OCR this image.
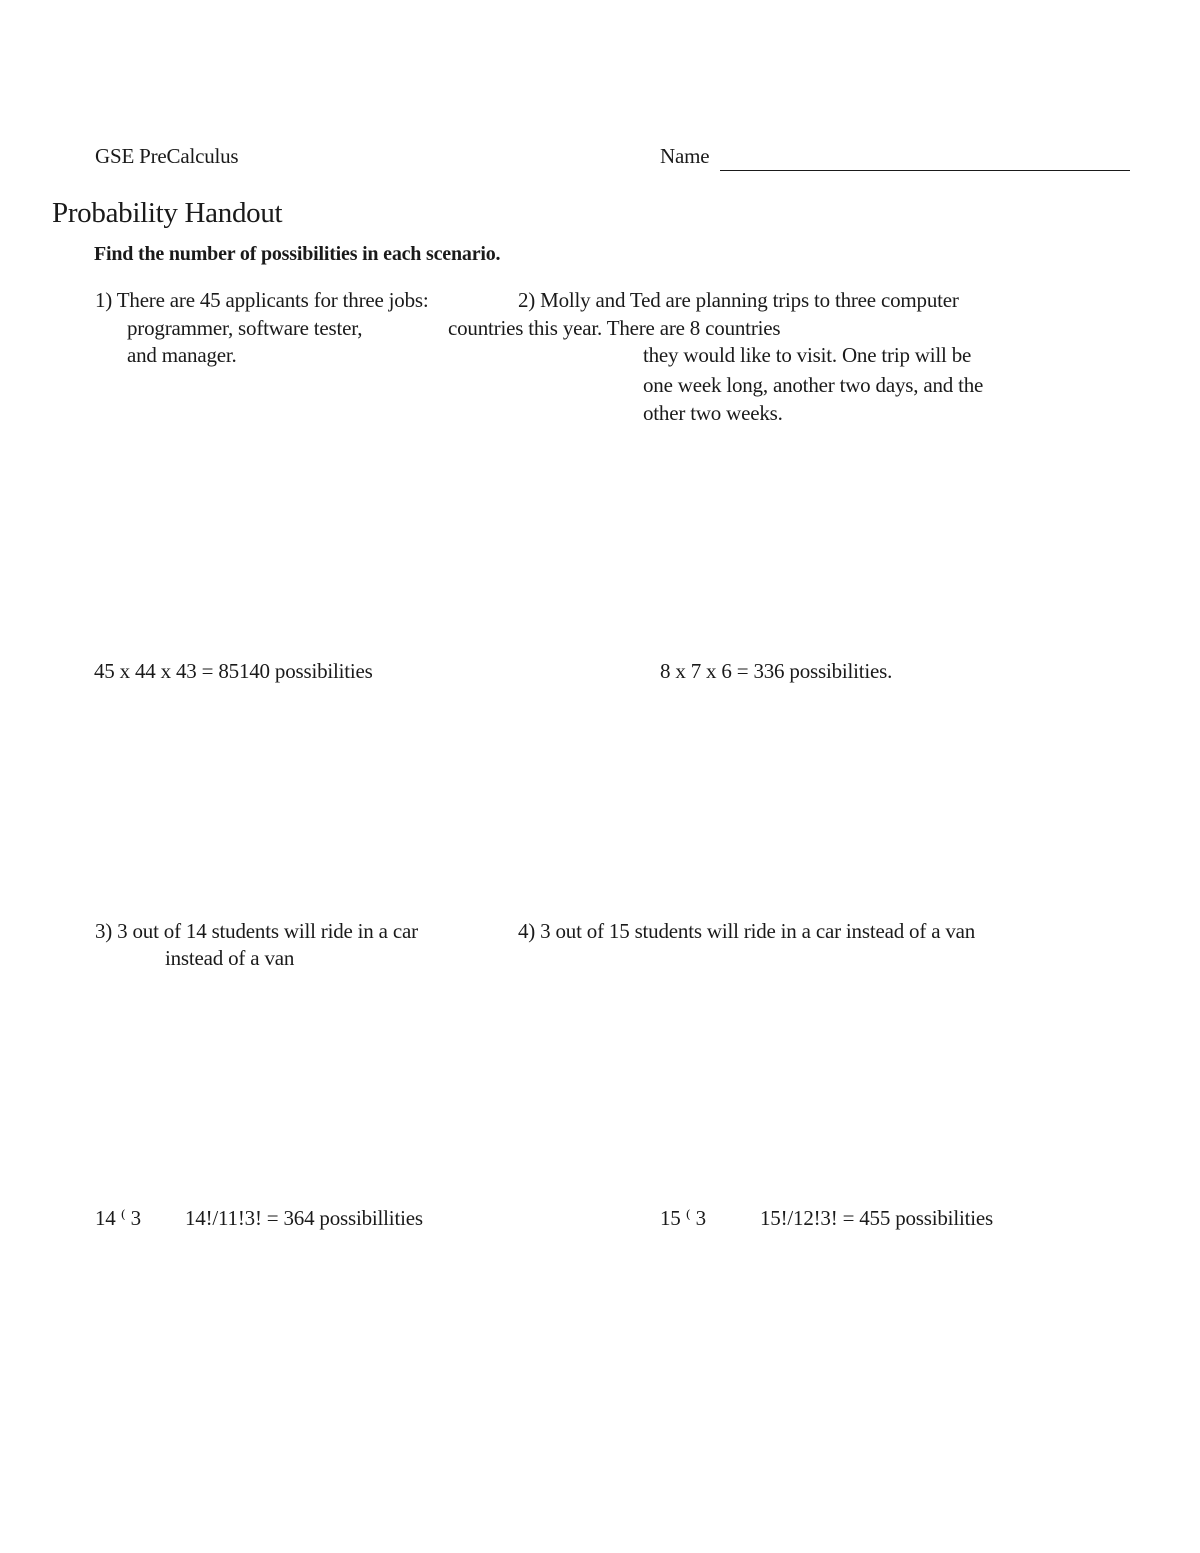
GSE PreCalculus	Name
Probability Handout
Find the number of possibilities in each scenario.
1) There are 45 applicants for three jobs:
programmer, software tester,
and manager.
2) Molly and Ted are planning trips to three computer
countries this year. There are 8 countries
they would like to visit. One trip will be
one week long, another two days, and the
other two weeks.
45 x 44 x 43 = 85140 possibilities	8 x 7 x 6 = 336 possibilities.
3) 3 out of 14 students will ride in a car
instead of a van
4) 3 out of 15 students will ride in a car instead of a van
14 ⁽ 3 14!/11!3! = 364 possibillities	15 ⁽ 3	15!/12!3! = 455 possibilities
